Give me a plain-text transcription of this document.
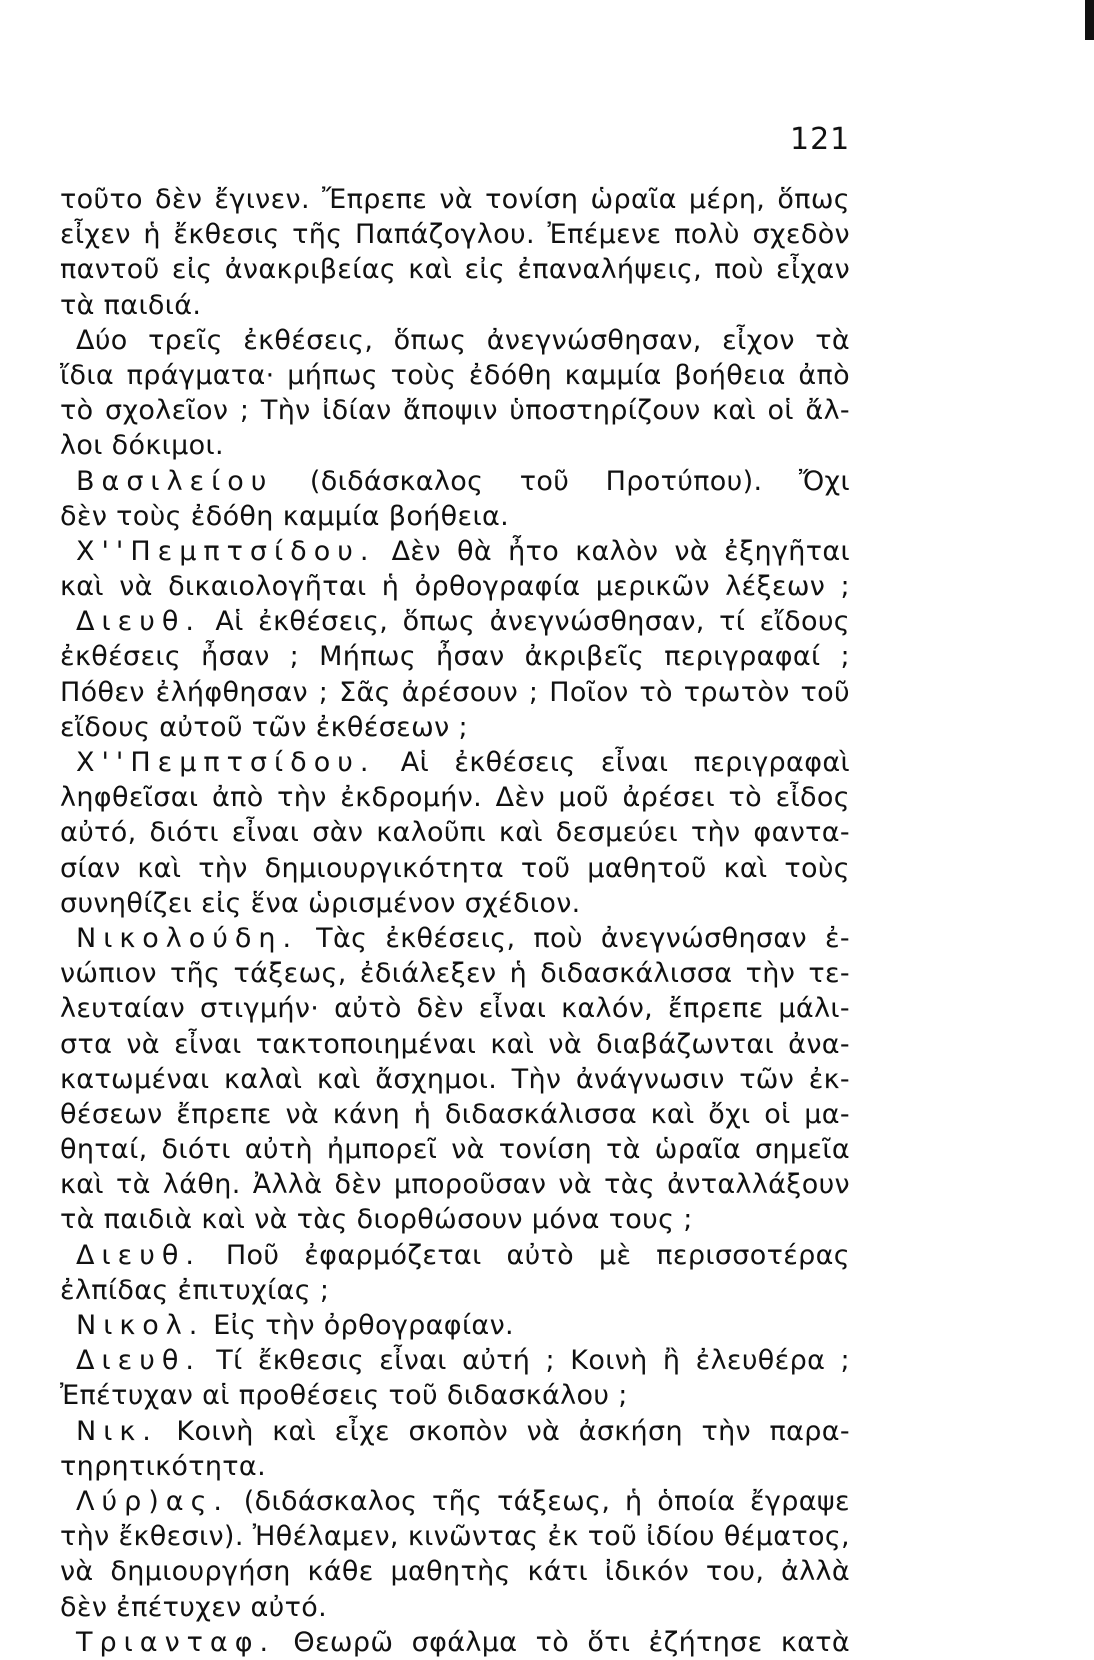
121
τοῦτο δὲν ἔγινεν. Ἔπρεπε νὰ τονίση ὡραῖα μέρη, ὅπως
εἶχεν ἡ ἔκθεσις τῆς Παπάζογλου. Ἐπέμενε πολὺ σχεδὸν
παντοῦ εἰς ἀνακριβείας καὶ εἰς ἐπαναλήψεις, ποὺ εἶχαν
τὰ παιδιά.
Δύο τρεῖς ἐκθέσεις, ὅπως ἀνεγνώσθησαν, εἶχον τὰ
ἴδια πράγματα· μήπως τοὺς ἐδόθη καμμία βοήθεια ἀπὸ
τὸ σχολεῖον ; Τὴν ἰδίαν ἄποψιν ὑποστηρίζουν καὶ οἱ ἄλ-
λοι δόκιμοι.
Βασιλείου (διδάσκαλος τοῦ Προτύπου). Ὄχι
δὲν τοὺς ἐδόθη καμμία βοήθεια.
Χ''Πεμπτσίδου. Δὲν θὰ ἦτο καλὸν νὰ ἐξηγῆται
καὶ νὰ δικαιολογῆται ἡ ὀρθογραφία μερικῶν λέξεων ;
Διευθ. Αἱ ἐκθέσεις, ὅπως ἀνεγνώσθησαν, τί εἴδους
ἐκθέσεις ἦσαν ; Μήπως ἦσαν ἀκριβεῖς περιγραφαί ;
Πόθεν ἐλήφθησαν ; Σᾶς ἀρέσουν ; Ποῖον τὸ τρωτὸν τοῦ
εἴδους αὐτοῦ τῶν ἐκθέσεων ;
Χ''Πεμπτσίδου. Αἱ ἐκθέσεις εἶναι περιγραφαὶ
ληφθεῖσαι ἀπὸ τὴν ἐκδρομήν. Δὲν μοῦ ἀρέσει τὸ εἶδος
αὐτό, διότι εἶναι σὰν καλοῦπι καὶ δεσμεύει τὴν φαντα-
σίαν καὶ τὴν δημιουργικότητα τοῦ μαθητοῦ καὶ τοὺς
συνηθίζει εἰς ἕνα ὡρισμένον σχέδιον.
Νικολούδη. Τὰς ἐκθέσεις, ποὺ ἀνεγνώσθησαν ἐ-
νώπιον τῆς τάξεως, ἐδιάλεξεν ἡ διδασκάλισσα τὴν τε-
λευταίαν στιγμήν· αὐτὸ δὲν εἶναι καλόν, ἔπρεπε μάλι-
στα νὰ εἶναι τακτοποιημέναι καὶ νὰ διαβάζωνται ἀνα-
κατωμέναι καλαὶ καὶ ἄσχημοι. Τὴν ἀνάγνωσιν τῶν ἐκ-
θέσεων ἔπρεπε νὰ κάνη ἡ διδασκάλισσα καὶ ὄχι οἱ μα-
θηταί, διότι αὐτὴ ἠμπορεῖ νὰ τονίση τὰ ὡραῖα σημεῖα
καὶ τὰ λάθη. Ἀλλὰ δὲν μποροῦσαν νὰ τὰς ἀνταλλάξουν
τὰ παιδιὰ καὶ νὰ τὰς διορθώσουν μόνα τους ;
Διευθ. Ποῦ ἐφαρμόζεται αὐτὸ μὲ περισσοτέρας
ἐλπίδας ἐπιτυχίας ;
Νικολ. Εἰς τὴν ὀρθογραφίαν.
Διευθ. Τί ἔκθεσις εἶναι αὐτή ; Κοινὴ ἢ ἐλευθέρα ;
Ἐπέτυχαν αἱ προθέσεις τοῦ διδασκάλου ;
Νικ. Κοινὴ καὶ εἶχε σκοπὸν νὰ ἀσκήση τὴν παρα-
τηρητικότητα.
Λύρ)ας. (διδάσκαλος τῆς τάξεως, ἡ ὁποία ἔγραψε
τὴν ἔκθεσιν). Ἠθέλαμεν, κινῶντας ἐκ τοῦ ἰδίου θέματος,
νὰ δημιουργήση κάθε μαθητὴς κάτι ἰδικόν του, ἀλλὰ
δὲν ἐπέτυχεν αὐτό.
Τριανταφ. Θεωρῶ σφάλμα τὸ ὅτι ἐζήτησε κατὰ
